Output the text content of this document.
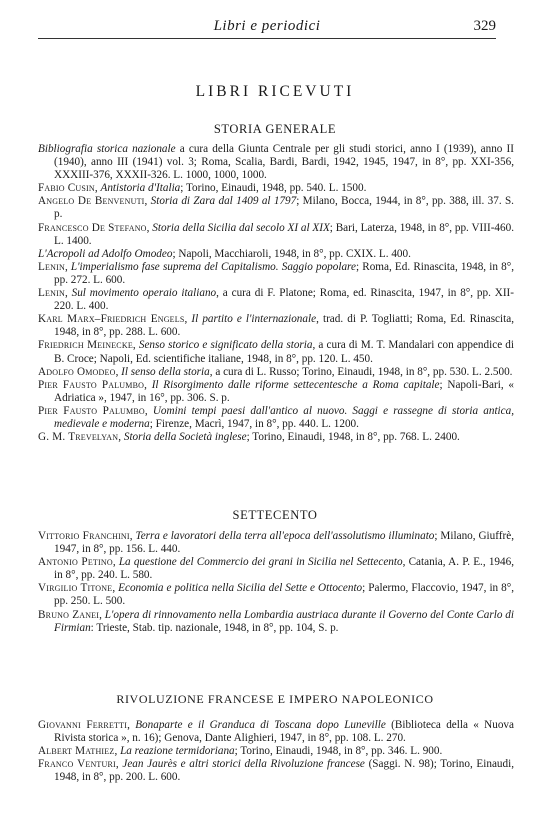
Libri e periodici	329
LIBRI RICEVUTI
STORIA GENERALE

Bibliografia storica nazionale a cura della Giunta Centrale per gli studi storici, anno I (1939), anno II (1940), anno III (1941) vol. 3; Roma, Scalia, Bardi, Bardi, 1942, 1945, 1947, in 8°, pp. XXI-356, XXXIII-376, XXXII-326. L. 1000, 1000, 1000.

Fabio Cusin, Antistoria d'Italia; Torino, Einaudi, 1948, pp. 540. L. 1500.

Angelo De Benvenuti, Storia di Zara dal 1409 al 1797; Milano, Bocca, 1944, in 8°, pp. 388, ill. 37. S. p.

Francesco De Stefano, Storia della Sicilia dal secolo XI al XIX; Bari, Laterza, 1948, in 8°, pp. VIII-460. L. 1400.

L'Acropoli ad Adolfo Omodeo; Napoli, Macchiaroli, 1948, in 8°, pp. CXIX. L. 400.

Lenin, L'imperialismo fase suprema del Capitalismo. Saggio popolare; Roma, Ed. Rinascita, 1948, in 8°, pp. 272. L. 600.

Lenin, Sul movimento operaio italiano, a cura di F. Platone; Roma, ed. Rinascita, 1947, in 8°, pp. XII-220. L. 400.

Karl Marx–Friedrich Engels, Il partito e l'internazionale, trad. di P. Togliatti; Roma, Ed. Rinascita, 1948, in 8°, pp. 288. L. 600.

Friedrich Meinecke, Senso storico e significato della storia, a cura di M. T. Mandalari con appendice di B. Croce; Napoli, Ed. scientifiche italiane, 1948, in 8°, pp. 120. L. 450.

Adolfo Omodeo, Il senso della storia, a cura di L. Russo; Torino, Einaudi, 1948, in 8°, pp. 530. L. 2.500.

Pier Fausto Palumbo, Il Risorgimento dalle riforme settecentesche a Roma capitale; Napoli-Bari, « Adriatica », 1947, in 16°, pp. 306. S. p.

Pier Fausto Palumbo, Uomini tempi paesi dall'antico al nuovo. Saggi e rassegne di storia antica, medievale e moderna; Firenze, Macrì, 1947, in 8°, pp. 440. L. 1200.

G. M. Trevelyan, Storia della Società inglese; Torino, Einaudi, 1948, in 8°, pp. 768. L. 2400.

SETTECENTO

Vittorio Franchini, Terra e lavoratori della terra all'epoca dell'assolutismo illuminato; Milano, Giuffrè, 1947, in 8°, pp. 156. L. 440.

Antonio Petino, La questione del Commercio dei grani in Sicilia nel Settecento, Catania, A. P. E., 1946, in 8°, pp. 240. L. 580.

Virgilio Titone, Economia e politica nella Sicilia del Sette e Ottocento; Palermo, Flaccovio, 1947, in 8°, pp. 250. L. 500.

Bruno Zanei, L'opera di rinnovamento nella Lombardia austriaca durante il Governo del Conte Carlo di Firmian: Trieste, Stab. tip. nazionale, 1948, in 8°, pp. 104, S. p.

RIVOLUZIONE FRANCESE E IMPERO NAPOLEONICO

Giovanni Ferretti, Bonaparte e il Granduca di Toscana dopo Luneville (Biblioteca della « Nuova Rivista storica », n. 16); Genova, Dante Alighieri, 1947, in 8°, pp. 108. L. 270.

Albert Mathiez, La reazione termidoriana; Torino, Einaudi, 1948, in 8°, pp. 346. L. 900.

Franco Venturi, Jean Jaurès e altri storici della Rivoluzione francese (Saggi. N. 98); Torino, Einaudi, 1948, in 8°, pp. 200. L. 600.
